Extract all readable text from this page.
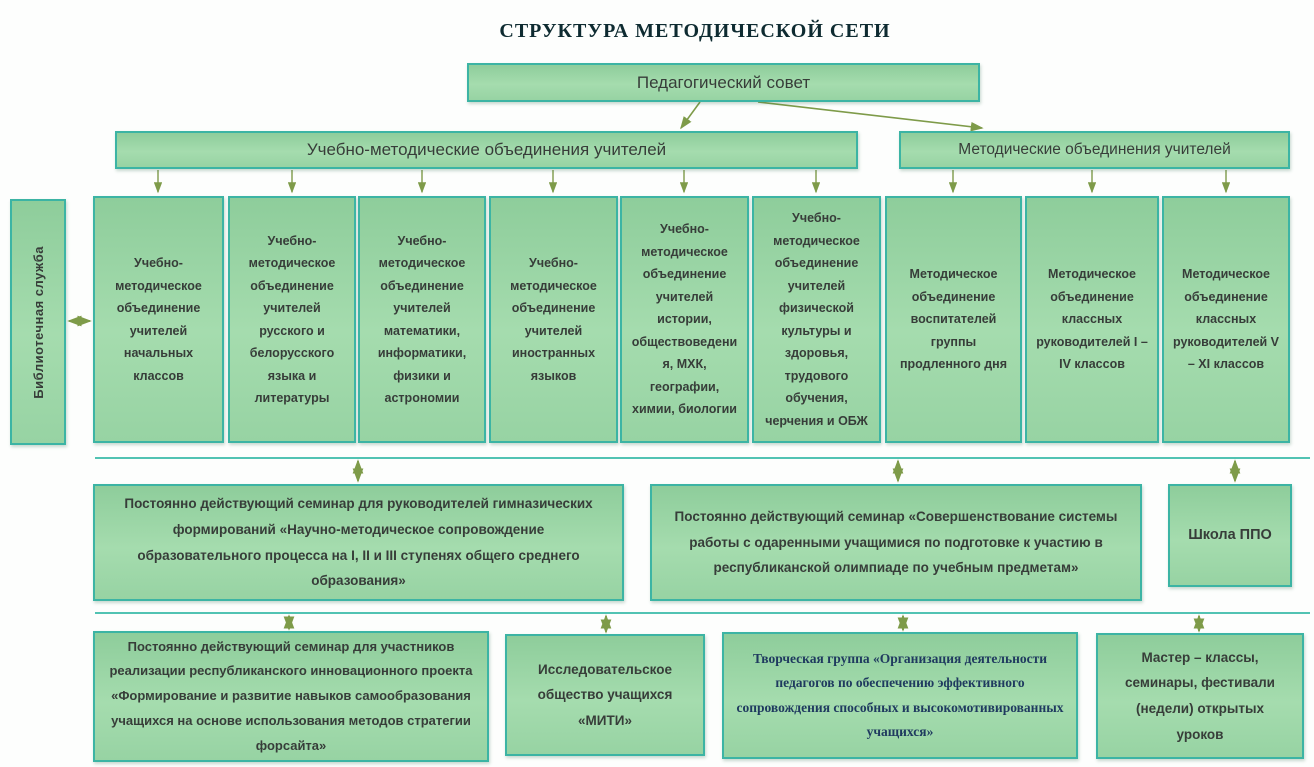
СТРУКТУРА МЕТОДИЧЕСКОЙ СЕТИ
Педагогический совет
Учебно-методические объединения учителей	Методические объединения учителей
Библиотечная служба	Учебно-методическое объединение учителей начальных классов
Учебно-методическое объединение учителей русского и белорусского языка и литературы
Учебно-методическое объединение учителей математики, информатики, физики и астрономии
Учебно-методическое объединение учителей иностранных языков
Учебно-методическое объединение учителей истории, обществоведения, МХК, географии, химии, биологии
Учебно-методическое объединение учителей физической культуры и здоровья, трудового обучения, черчения и ОБЖ
Методическое объединение воспитателей группы продленного дня
Методическое объединение классных руководителей I – IV классов
Методическое объединение классных руководителей V – XI классов
Постоянно действующий семинар для руководителей гимназических формирований «Научно-методическое сопровождение образовательного процесса на I, II и III ступенях общего среднего образования»
Постоянно действующий семинар «Совершенствование системы работы с одаренными учащимися по подготовке к участию в республиканской олимпиаде по учебным предметам»
Школа ППО
Постоянно действующий семинар для участников реализации республиканского инновационного проекта «Формирование и развитие навыков самообразования учащихся на основе использования методов стратегии форсайта»
Исследовательское общество учащихся «МИТИ»
Творческая группа «Организация деятельности педагогов по обеспечению эффективного сопровождения способных и высокомотивированных учащихся»
Мастер – классы, семинары, фестивали (недели) открытых уроков
